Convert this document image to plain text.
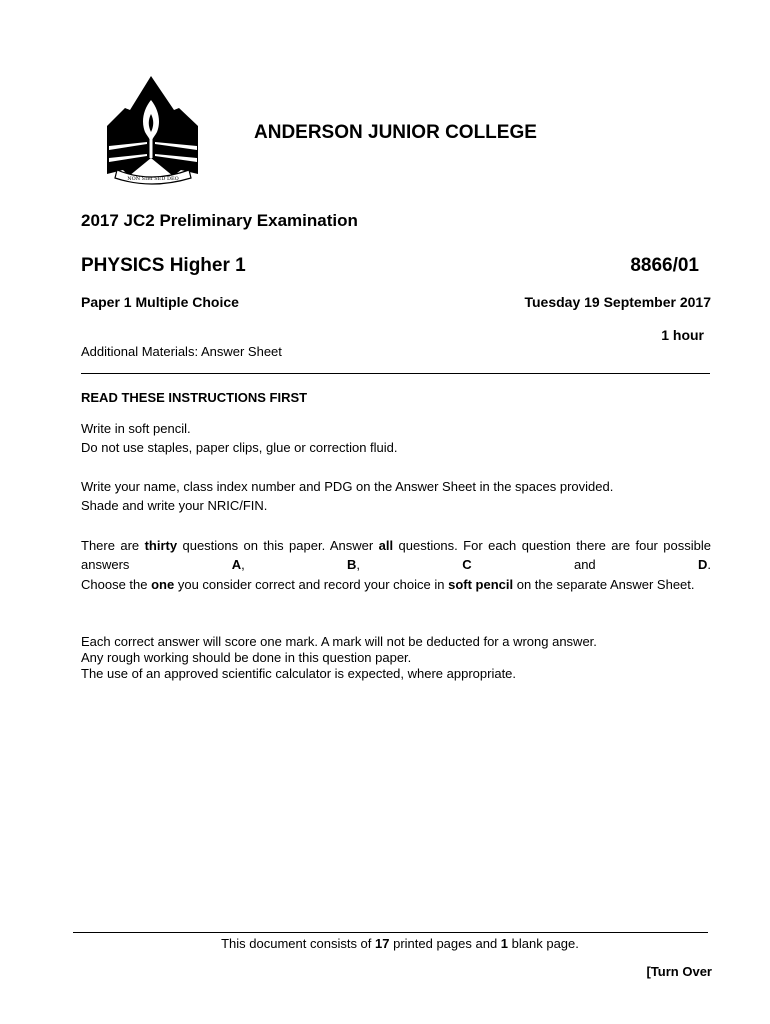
NON SIBI SED DEO
ANDERSON JUNIOR COLLEGE
2017 JC2 Preliminary Examination
PHYSICS Higher 1	8866/01
Paper 1 Multiple Choice	Tuesday 19 September 2017
1 hour
Additional Materials: Answer Sheet
READ THESE INSTRUCTIONS FIRST
Write in soft pencil.
Do not use staples, paper clips, glue or correction fluid.
Write your name, class index number and PDG on the Answer Sheet in the spaces provided.
Shade and write your NRIC/FIN.
There are thirty questions on this paper. Answer all questions. For each question there are four possible answers A, B, C and D.
Choose the one you consider correct and record your choice in soft pencil on the separate Answer Sheet.
Each correct answer will score one mark. A mark will not be deducted for a wrong answer.
Any rough working should be done in this question paper.
The use of an approved scientific calculator is expected, where appropriate.
This document consists of 17 printed pages and 1 blank page.
[Turn Over
